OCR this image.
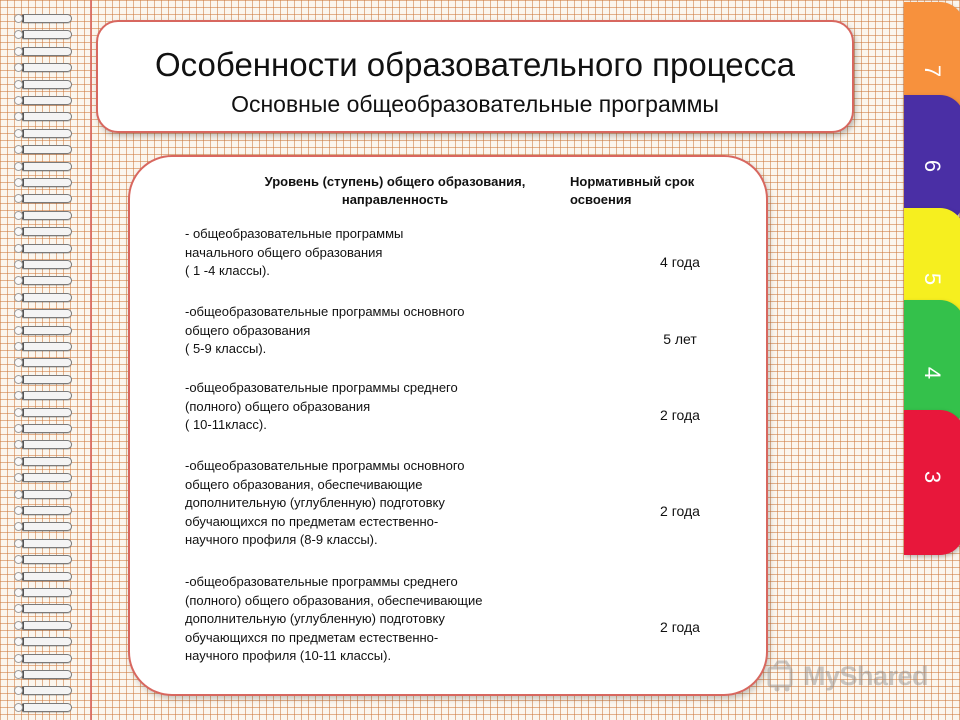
Особенности образовательного процесса
Основные общеобразовательные программы
Уровень (ступень) общего образования,
направленность
Нормативный срок
освоения
- общеобразовательные программы
начального общего образования
( 1 -4 классы).
4 года
-общеобразовательные программы основного
общего образования
( 5-9 классы).
5 лет
-общеобразовательные программы среднего
(полного) общего образования
( 10-11класс).
2 года
-общеобразовательные программы основного
общего образования, обеспечивающие
дополнительную (углубленную) подготовку
обучающихся по предметам естественно-
научного профиля (8-9 классы).
2 года
-общеобразовательные программы среднего
(полного) общего образования, обеспечивающие
дополнительную (углубленную) подготовку
обучающихся по предметам естественно-
научного профиля (10-11 классы).
2 года
7
6
5
4
3
MyShared
